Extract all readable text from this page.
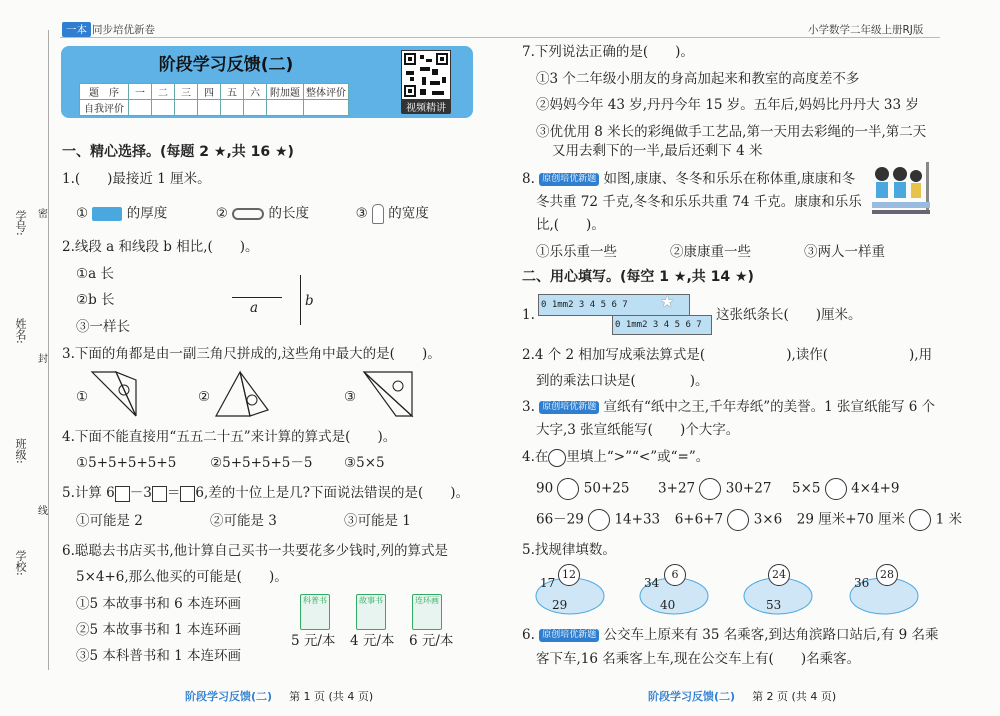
一本 同步培优新卷	小学数学二年级上册RJ版
学号:
姓名:
班级:
学校:
密
封
线
阶段学习反馈(二)
题　序	一	二	三	四	五	六	附加题	整体评价
自我评价									视频精讲
一、精心选择。(每题 2 ★,共 16 ★)
1.(　　)最接近 1 厘米。
①	的厚度	②	的长度	③ 的宽度
2.线段 a 和线段 b 相比,(　　)。
①a 长
②b 长
③一样长
a	b
3.下面的角都是由一副三角尺拼成的,这些角中最大的是(　　)。
①	②	③
4.下面不能直接用“五五二十五”来计算的算式是(　　)。
①5+5+5+5+5 ②5+5+5+5－5 ③5×5
5.计算 6 －3 ＝ 6,差的十位上是几?下面说法错误的是(　　)。
①可能是 2	②可能是 3	③可能是 1
6.聪聪去书店买书,他计算自己买书一共要花多少钱时,列的算式是
5×4+6,那么他买的可能是(　　)。
①5 本故事书和 6 本连环画
②5 本故事书和 1 本连环画
③5 本科普书和 1 本连环画
科普书	故事书	连环画
5 元/本 4 元/本 6 元/本
7.下列说法正确的是(　　)。
①3 个二年级小朋友的身高加起来和教室的高度差不多
②妈妈今年 43 岁,丹丹今年 15 岁。五年后,妈妈比丹丹大 33 岁
③优优用 8 米长的彩绳做手工艺品,第一天用去彩绳的一半,第二天
又用去剩下的一半,最后还剩下 4 米
8. 原创培优新题 如图,康康、冬冬和乐乐在称体重,康康和冬
冬共重 72 千克,冬冬和乐乐共重 74 千克。康康和乐乐
比,(　　)。
①乐乐重一些	②康康重一些	③两人一样重
二、用心填写。(每空 1 ★,共 14 ★)
1.
0 1mm2 3 4 5 6 7	★
0 1mm2 3 4 5 6 7
这张纸条长(　　)厘米。
2.4 个 2 相加写成乘法算式是(　　　　　　),读作(　　　　　　),用
到的乘法口诀是(　　　　)。
3. 原创培优新题 宣纸有“纸中之王,千年寿纸”的美誉。1 张宣纸能写 6 个
大字,3 张宣纸能写(　　)个大字。
4.在 里填上“>”“<”或“=”。
90 50+25 3+27 30+27 5×5 4×4+9
66－29 14+33 6+6+7 3×6 29 厘米+70 厘米 1 米
5.找规律填数。
17
12
29
34
6
40
24
53
36
28
6. 原创培优新题 公交车上原来有 35 名乘客,到达角滨路口站后,有 9 名乘
客下车,16 名乘客上车,现在公交车上有(　　)名乘客。
阶段学习反馈(二) 第 1 页 (共 4 页)	阶段学习反馈(二) 第 2 页 (共 4 页)
